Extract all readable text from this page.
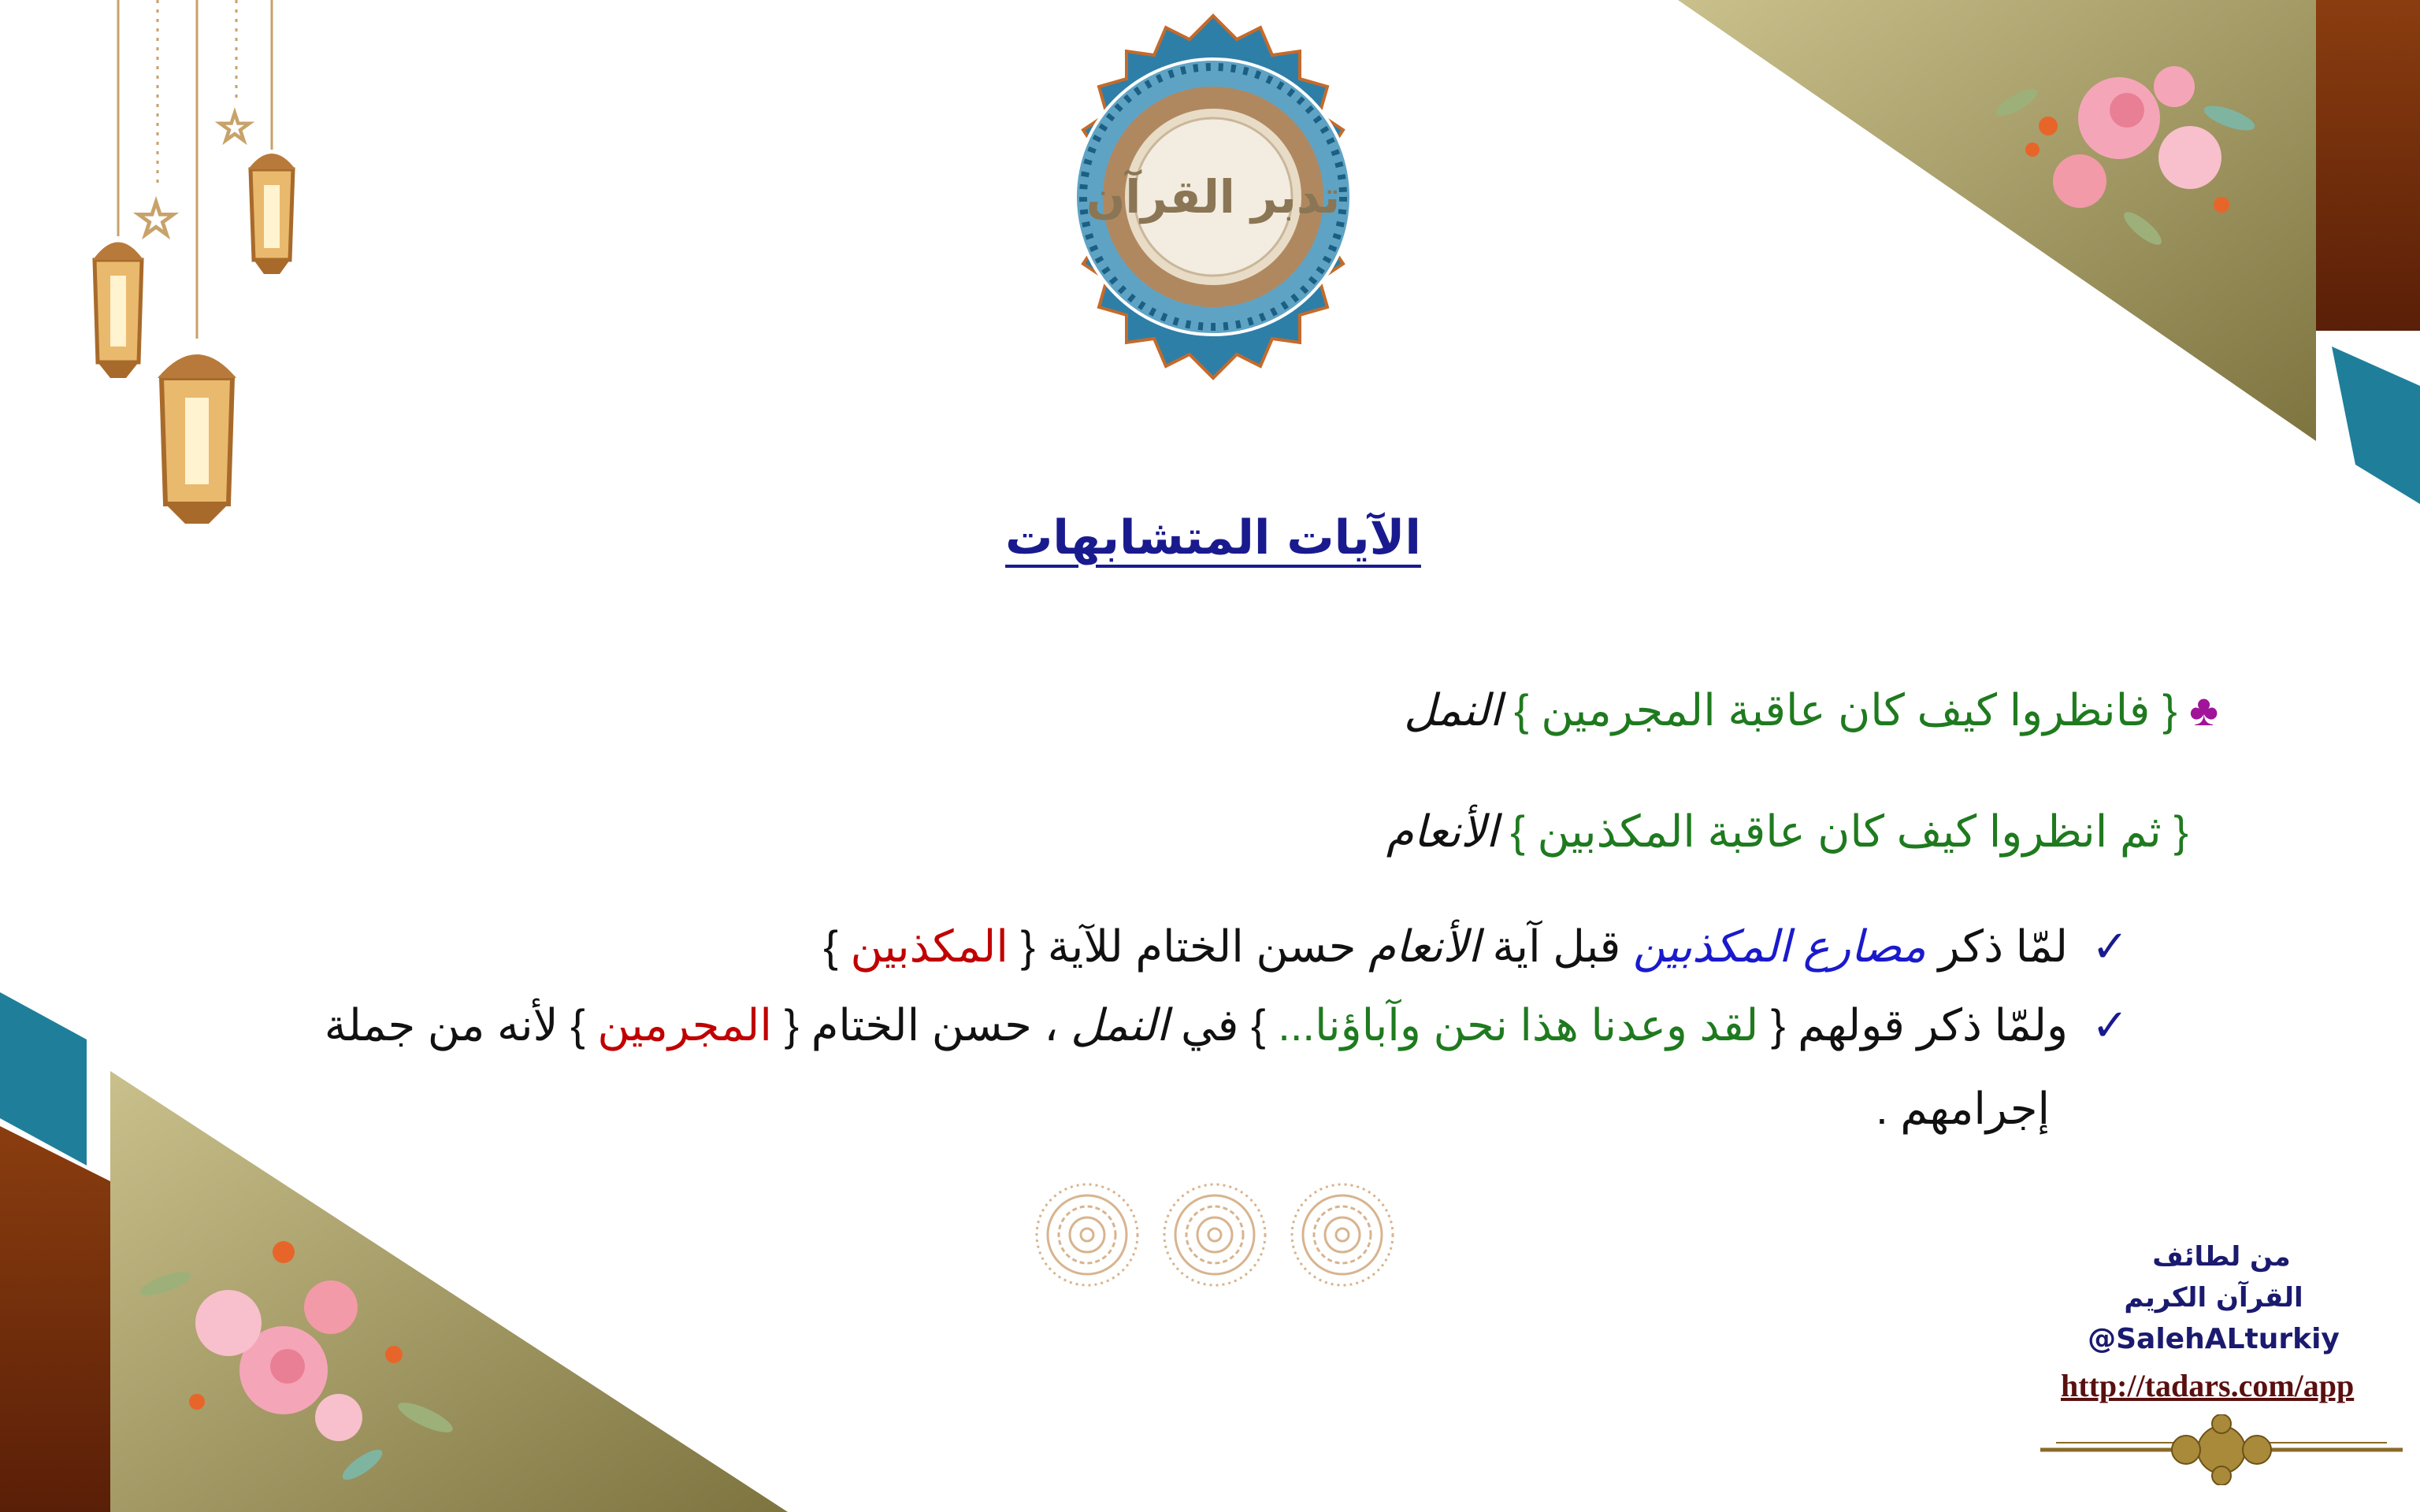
☆
☆
تدبر القرآن
الآيات المتشابهات
♣ { فانظروا كيف كان عاقبة المجرمين } النمل
{ ثم انظروا كيف كان عاقبة المكذبين } الأنعام
✓لمّا ذكر مصارع المكذبين قبل آية الأنعام حسن الختام للآية { المكذبين }
✓ولمّا ذكر قولهم { لقد وعدنا هذا نحن وآباؤنا... } في النمل ، حسن الختام { المجرمين } لأنه من جملة
إجرامهم .
من لطائف
القرآن الكريم
@SalehALturkiy
http://tadars.com/app
